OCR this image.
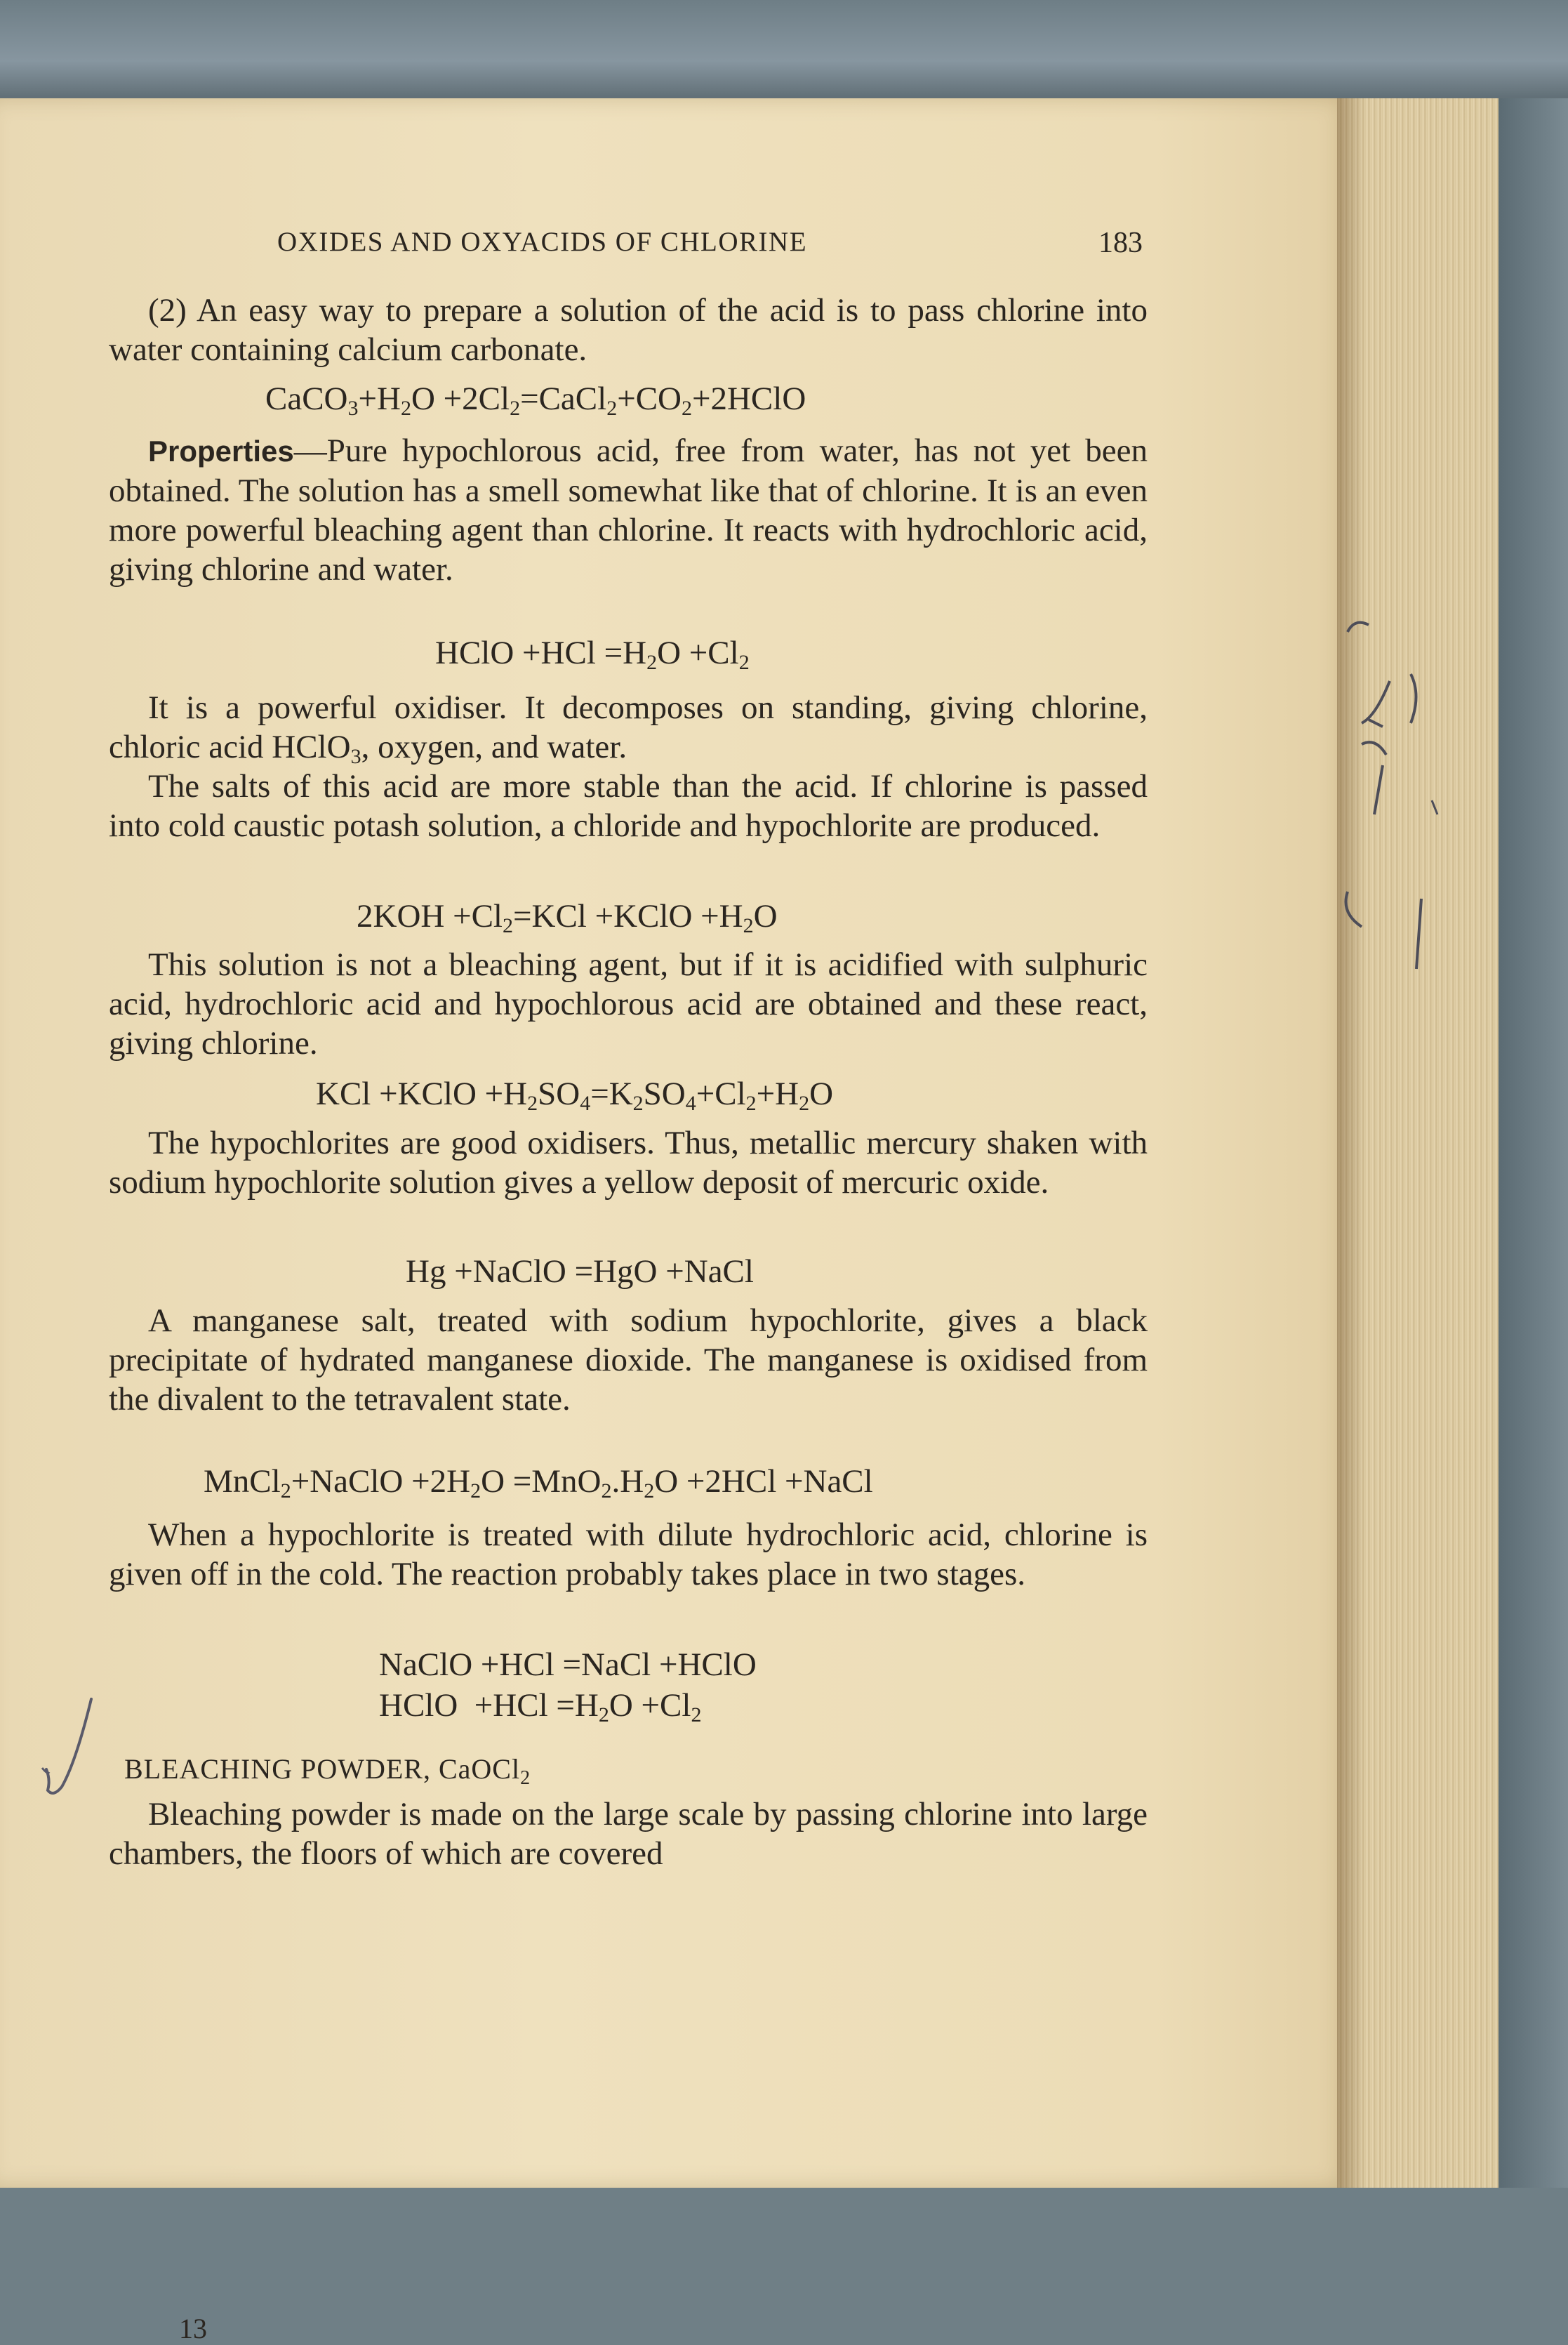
OXIDES AND OXYACIDS OF CHLORINE	183

(2) An easy way to prepare a solution of the acid is to pass chlorine into water containing calcium carbonate.

$CaCO_3+H_2O$ $+2Cl_2=CaCl_2+CO_2+2HClO$

Properties—Pure hypochlorous acid, free from water, has not yet been obtained. The solution has a smell somewhat like that of chlorine. It is an even more powerful bleaching agent than chlorine. It reacts with hydrochloric acid, giving chlorine and water.

HClO $+HCl =H_2O +Cl_2$

It is a powerful oxidiser. It decomposes on standing, giving chlorine, chloric acid HClO$_3$, oxygen, and water.

The salts of this acid are more stable than the acid. If chlorine is passed into cold caustic potash solution, a chloride and hypochlorite are produced.

$2KOH +Cl_2=KCl$ +KClO $+H_2O$

This solution is not a bleaching agent, but if it is acidified with sulphuric acid, hydrochloric acid and hypochlorous acid are obtained and these react, giving chlorine.

KCl +KClO $+H_2SO_4=K_2SO_4+Cl_2+H_2O$

The hypochlorites are good oxidisers. Thus, metallic mercury shaken with sodium hypochlorite solution gives a yellow deposit of mercuric oxide.

Hg +NaClO =HgO +NaCl

A manganese salt, treated with sodium hypochlorite, gives a black precipitate of hydrated manganese dioxide. The manganese is oxidised from the divalent to the tetravalent state.

MnCl$_2$+NaClO $+2H_2O =MnO_2.H_2O +2HCl$ +NaCl

When a hypochlorite is treated with dilute hydrochloric acid, chlorine is given off in the cold. The reaction probably takes place in two stages.

NaClO +HCl =NaCl +HClO
HClO  $+HCl =H_2O +Cl_2$
BLEACHING POWDER, CaOCl$_2$

Bleaching powder is made on the large scale by passing chlorine into large chambers, the floors of which are covered

13
